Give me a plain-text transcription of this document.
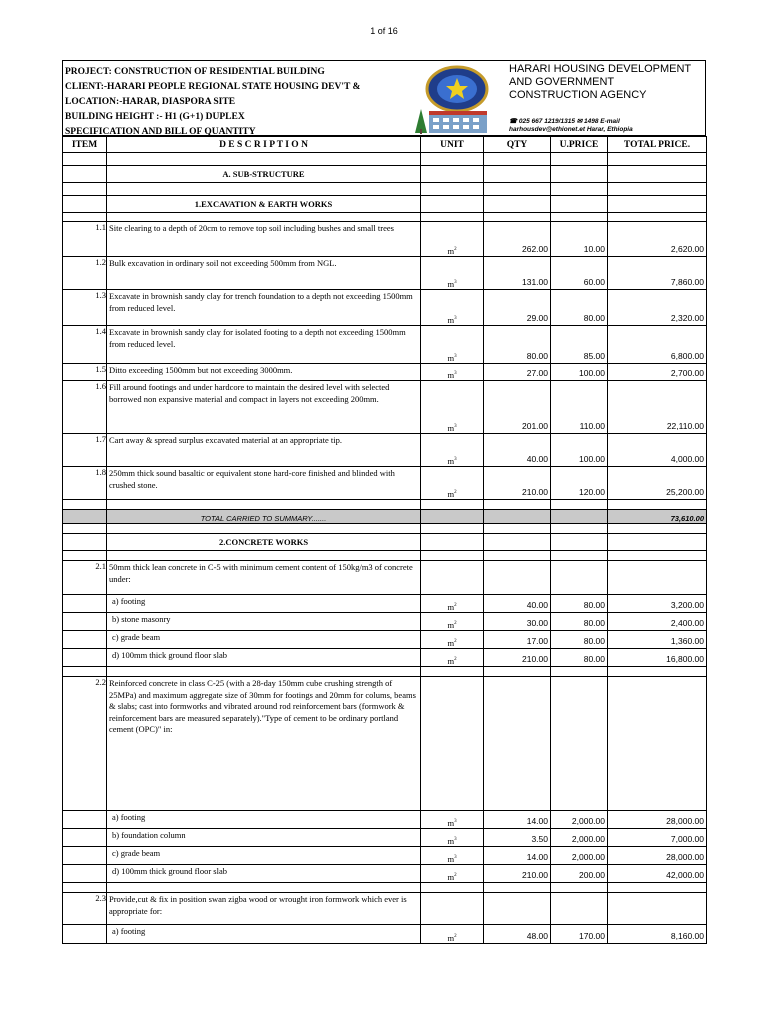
1 of 16
PROJECT: CONSTRUCTION OF RESIDENTIAL BUILDING
CLIENT:-HARARI PEOPLE REGIONAL STATE HOUSING DEV'T &
LOCATION:-HARAR, DIASPORA SITE
BUILDING HEIGHT :- H1 (G+1) DUPLEX
SPECIFICATION AND BILL OF QUANTITY
HARARI HOUSING DEVELOPMENT AND GOVERNMENT CONSTRUCTION AGENCY
☎ 025 667 1219/1315 ✉ 1498 E-mail
harhousdev@ethionet.et Harar, Ethiopia
ITEM	D E S C R I P T I O N	UNIT	QTY	U.PRICE	TOTAL PRICE.

	A. SUB-STRUCTURE				

	1.EXCAVATION & EARTH WORKS				

1.1	Site clearing to a depth of 20cm to remove top soil including bushes and small trees	$m^2$	262.00	10.00	2,620.00
1.2	Bulk excavation in ordinary soil not exceeding 500mm from NGL.	$m^3$	131.00	60.00	7,860.00
1.3	Excavate in brownish sandy clay for trench foundation to a depth not exceeding 1500mm from reduced level.	$m^3$	29.00	80.00	2,320.00
1.4	Excavate in brownish sandy clay for isolated footing to a depth not exceeding 1500mm from reduced level.	$m^3$	80.00	85.00	6,800.00
1.5	Ditto exceeding 1500mm but not exceeding 3000mm.	$m^3$	27.00	100.00	2,700.00
1.6	Fill around footings and under hardcore to maintain the desired level with selected borrowed non expansive material and compact in layers not exceeding 200mm.	$m^3$	201.00	110.00	22,110.00
1.7	Cart away & spread surplus excavated material at an appropriate tip.	$m^3$	40.00	100.00	4,000.00
1.8	250mm thick sound basaltic or equivalent stone hard-core finished and blinded with crushed stone.	$m^2$	210.00	120.00	25,200.00

	TOTAL CARRIED TO SUMMARY.......				73,610.00

	2.CONCRETE WORKS				

2.1	50mm thick lean concrete in C-5 with minimum cement content of 150kg/m3 of concrete under:				
	a) footing	$m^2$	40.00	80.00	3,200.00
	b) stone masonry	$m^2$	30.00	80.00	2,400.00
	c) grade beam	$m^2$	17.00	80.00	1,360.00
	d) 100mm thick ground floor slab	$m^2$	210.00	80.00	16,800.00

2.2	Reinforced concrete in class C-25 (with a 28-day 150mm cube crushing strength of 25MPa) and maximum aggregate size of 30mm for footings and 20mm for colums, beams & slabs; cast into formworks and vibrated around rod reinforcement bars (formwork & reinforcement bars are measured separately)."Type of cement to be ordinary portland cement (OPC)" in:				
	a) footing	$m^3$	14.00	2,000.00	28,000.00
	b) foundation column	$m^3$	3.50	2,000.00	7,000.00
	c) grade beam	$m^3$	14.00	2,000.00	28,000.00
	d) 100mm thick ground floor slab	$m^2$	210.00	200.00	42,000.00

2.3	Provide,cut & fix in position swan zigba wood or wrought iron formwork which ever is appropriate for:				
	a) footing	$m^2$	48.00	170.00	8,160.00
